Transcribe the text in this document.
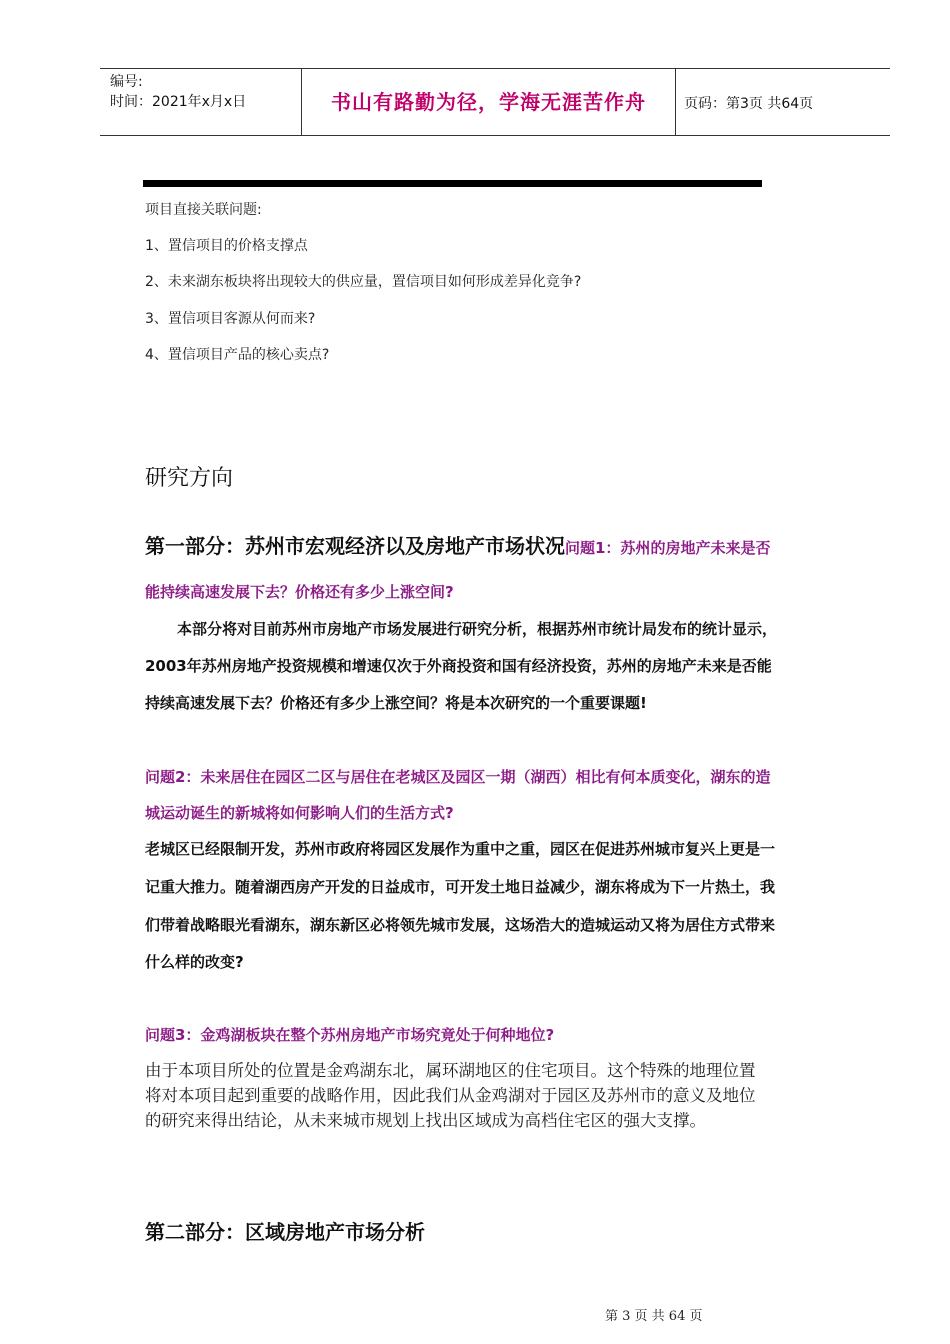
编号:
时间：2021年x月x日	书山有路勤为径，学海无涯苦作舟	页码：第3页 共64页
项目直接关联问题:
1、置信项目的价格支撑点
2、未来湖东板块将出现较大的供应量，置信项目如何形成差异化竞争?
3、置信项目客源从何而来?
4、置信项目产品的核心卖点?
研究方向
第一部分：苏州市宏观经济以及房地产市场状况问题1：苏州的房地产未来是否
能持续高速发展下去？价格还有多少上涨空间?
本部分将对目前苏州市房地产市场发展进行研究分析，根据苏州市统计局发布的统计显示，
2003年苏州房地产投资规模和增速仅次于外商投资和国有经济投资，苏州的房地产未来是否能
持续高速发展下去？价格还有多少上涨空间？将是本次研究的一个重要课题!
问题2：未来居住在园区二区与居住在老城区及园区一期（湖西）相比有何本质变化，湖东的造
城运动诞生的新城将如何影响人们的生活方式?
老城区已经限制开发，苏州市政府将园区发展作为重中之重，园区在促进苏州城市复兴上更是一
记重大推力。随着湖西房产开发的日益成市，可开发土地日益减少，湖东将成为下一片热土，我
们带着战略眼光看湖东，湖东新区必将领先城市发展，这场浩大的造城运动又将为居住方式带来
什么样的改变?
问题3：金鸡湖板块在整个苏州房地产市场究竟处于何种地位?
由于本项目所处的位置是金鸡湖东北，属环湖地区的住宅项目。这个特殊的地理位置
将对本项目起到重要的战略作用，因此我们从金鸡湖对于园区及苏州市的意义及地位
的研究来得出结论，从未来城市规划上找出区域成为高档住宅区的强大支撑。
第二部分：区域房地产市场分析
第 3 页 共 64 页
